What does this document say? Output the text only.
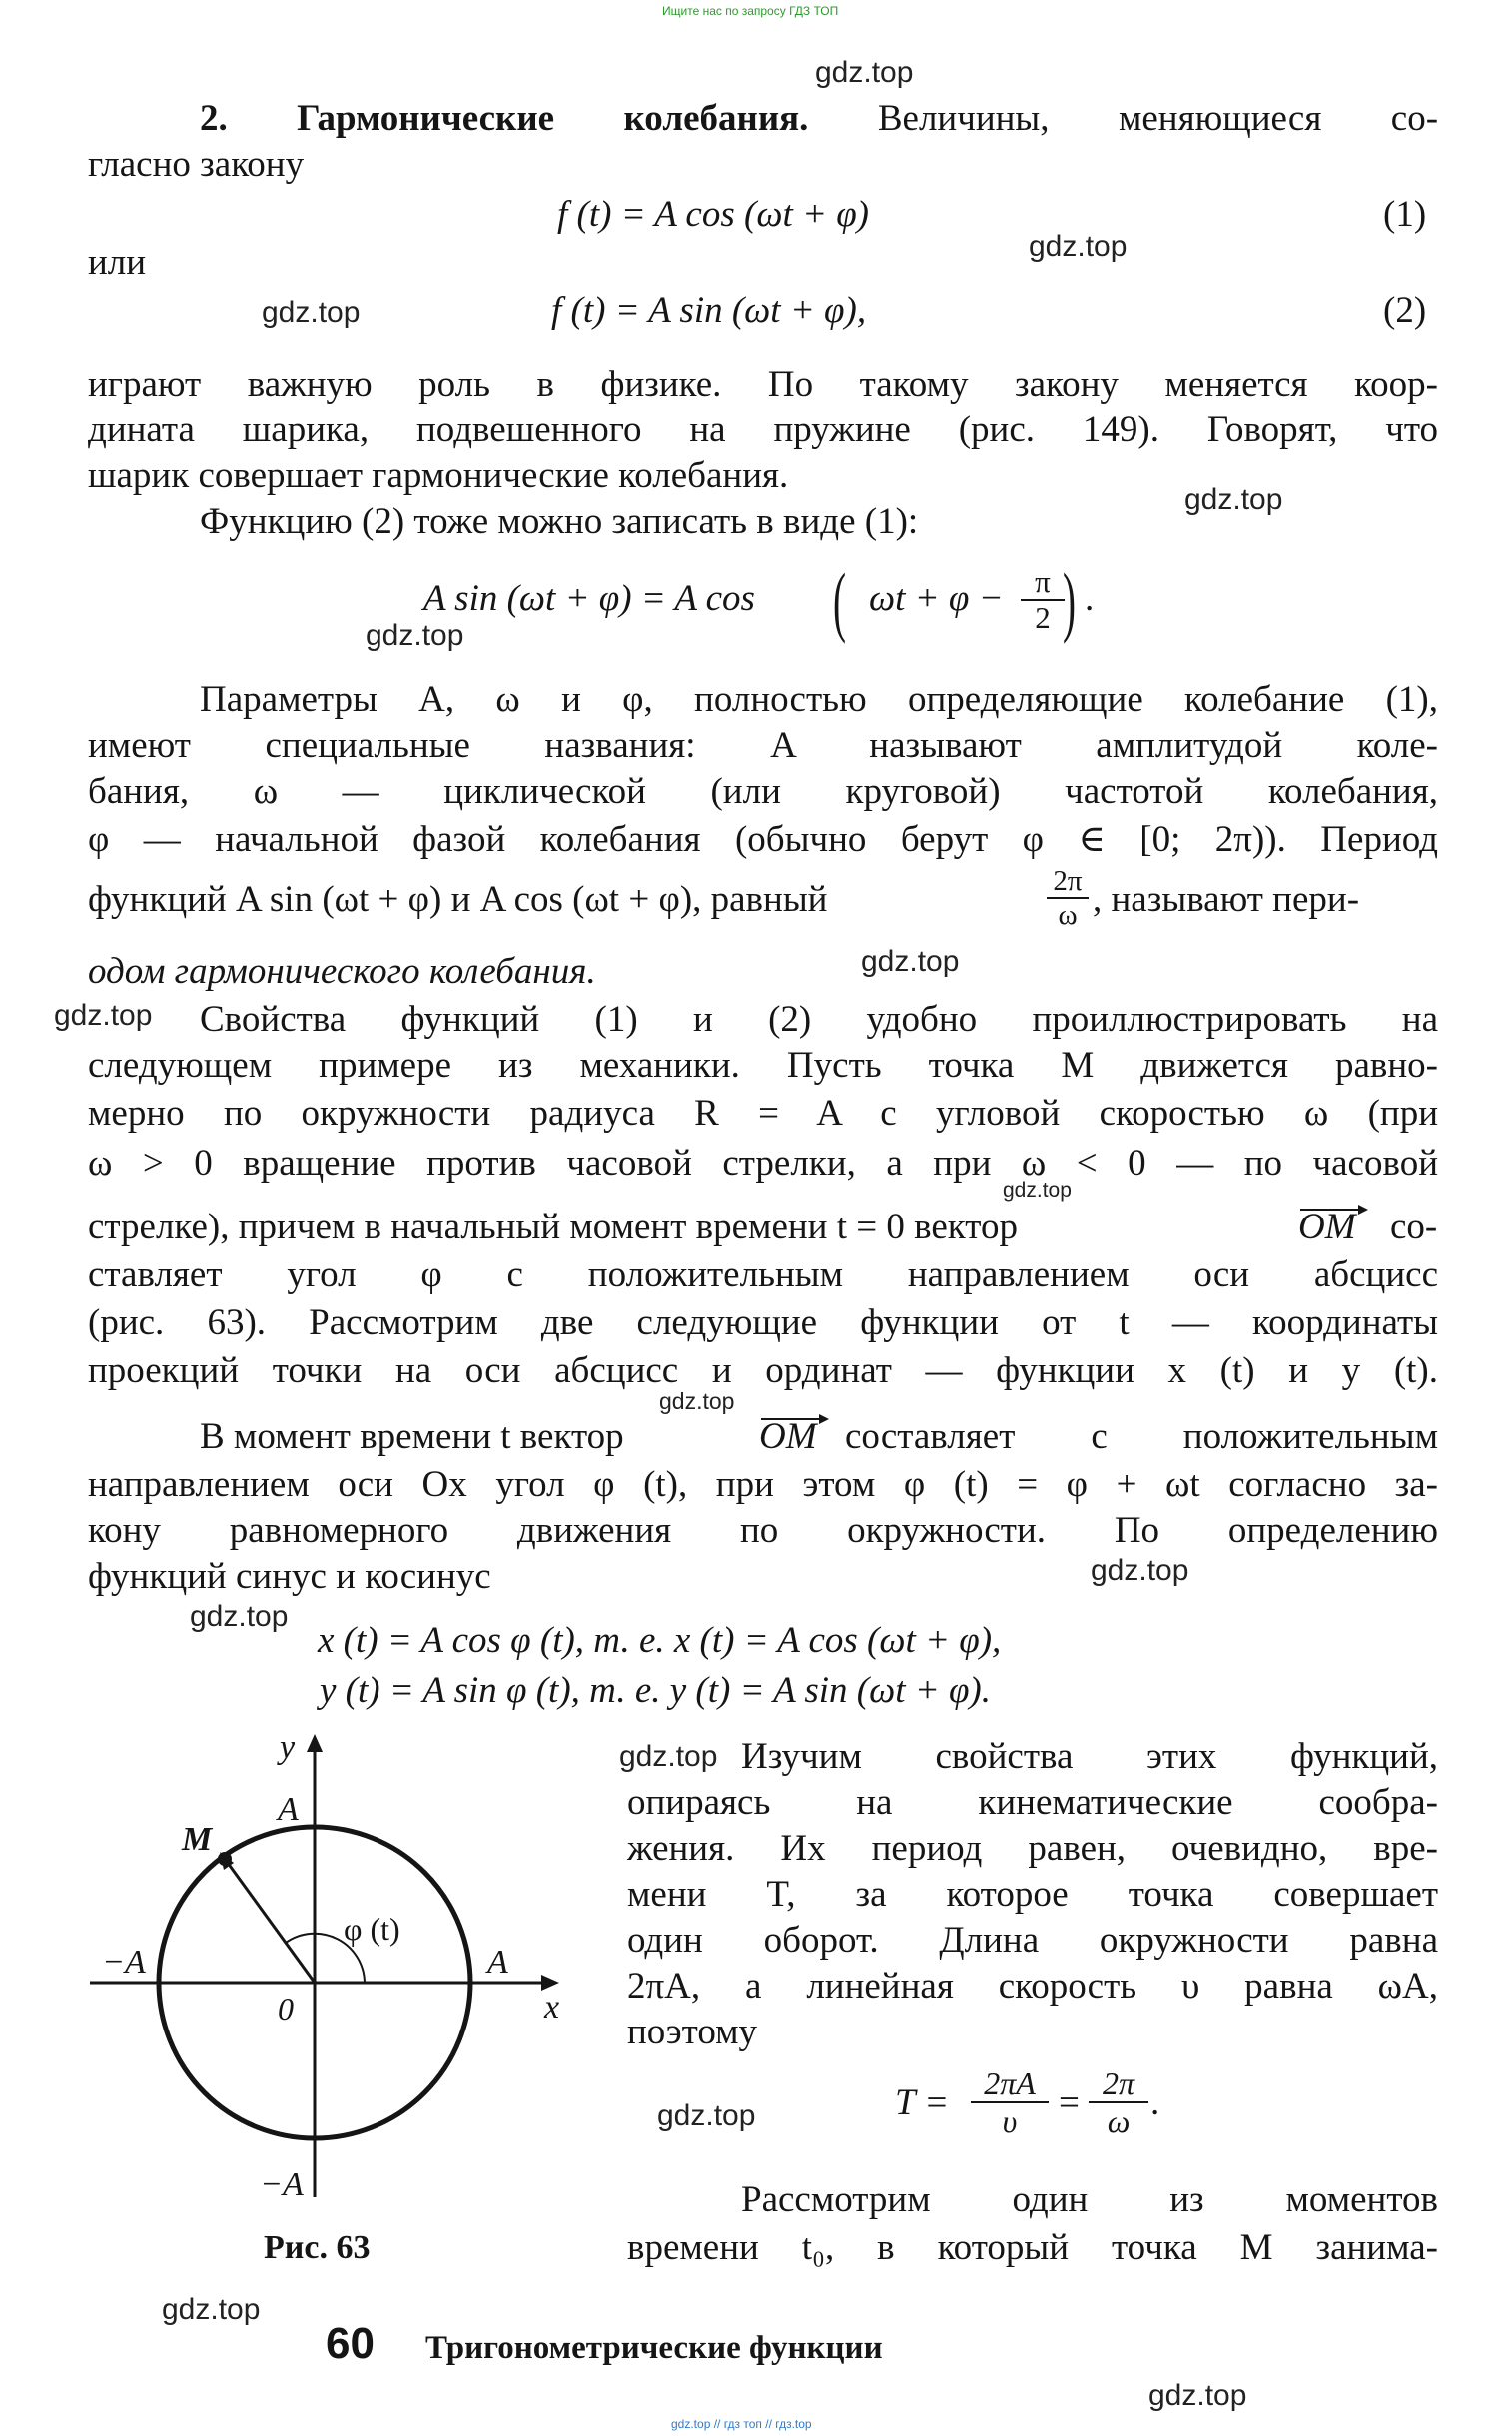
Ищите нас по запросу ГДЗ ТОП
gdz.top
gdz.top
gdz.top
gdz.top
gdz.top
gdz.top
gdz.top
gdz.top
gdz.top
gdz.top
gdz.top
gdz.top
gdz.top
gdz.top
gdz.top
2. Гармонические колебания. Величины, меняющиеся со-
гласно закону
f (t) = A cos (ωt + φ)	(1)
или
f (t) = A sin (ωt + φ),	(2)
играют важную роль в физике. По такому закону меняется коор-
дината шарика, подвешенного на пружине (рис. 149). Говорят, что
шарик совершает гармонические колебания.
Функцию (2) тоже можно записать в виде (1):
A sin (ωt + φ) = A cos ( $\omega t + \varphi - \frac{\pi}{2}$
) .
Параметры A, ω и φ, полностью определяющие колебание (1),
имеют специальные названия: A называют амплитудой коле-
бания, ω — циклической (или круговой) частотой колебания,
φ — начальной фазой колебания (обычно берут φ ∈ [0; 2π)). Период
функций A sin (ωt + φ) и A cos (ωt + φ), равный	$\frac{2\pi}{\omega}$ , называют пери-
одом гармонического колебания.
Свойства функций (1) и (2) удобно проиллюстрировать на
следующем примере из механики. Пусть точка M движется равно-
мерно по окружности радиуса R = A с угловой скоростью ω (при
ω > 0 вращение против часовой стрелки, а при ω < 0 — по часовой
стрелке), причем в начальный момент времени t = 0 вектор	OM со-
ставляет угол φ с положительным направлением оси абсцисс
(рис. 63). Рассмотрим две следующие функции от t — координаты
проекций точки на оси абсцисс и ординат — функции x (t) и y (t).
В момент времени t вектор	OM составляет с положительным
направлением оси Ox угол φ (t), при этом φ (t) = φ + ωt согласно за-
кону равномерного движения по окружности. По определению
функций синус и косинус
x (t) = A cos φ (t), т. е. x (t) = A cos (ωt + φ),
y (t) = A sin φ (t), т. е. y (t) = A sin (ωt + φ).
y
x
A
A
−A
−A
0
M
φ (t)
Рис. 63
Изучим свойства этих функций,
опираясь на кинематические сообра-
жения. Их период равен, очевидно, вре-
мени T, за которое точка совершает
один оборот. Длина окружности равна
2πA, а линейная скорость υ равна ωA,
поэтому
$T = \frac{2\pi A}{\upsilon} = \frac{2\pi}{\omega}$ .
Рассмотрим один из моментов
времени t₀, в который точка M занима-
60 Тригонометрические функции
gdz.top // гдз топ // гдз.top
